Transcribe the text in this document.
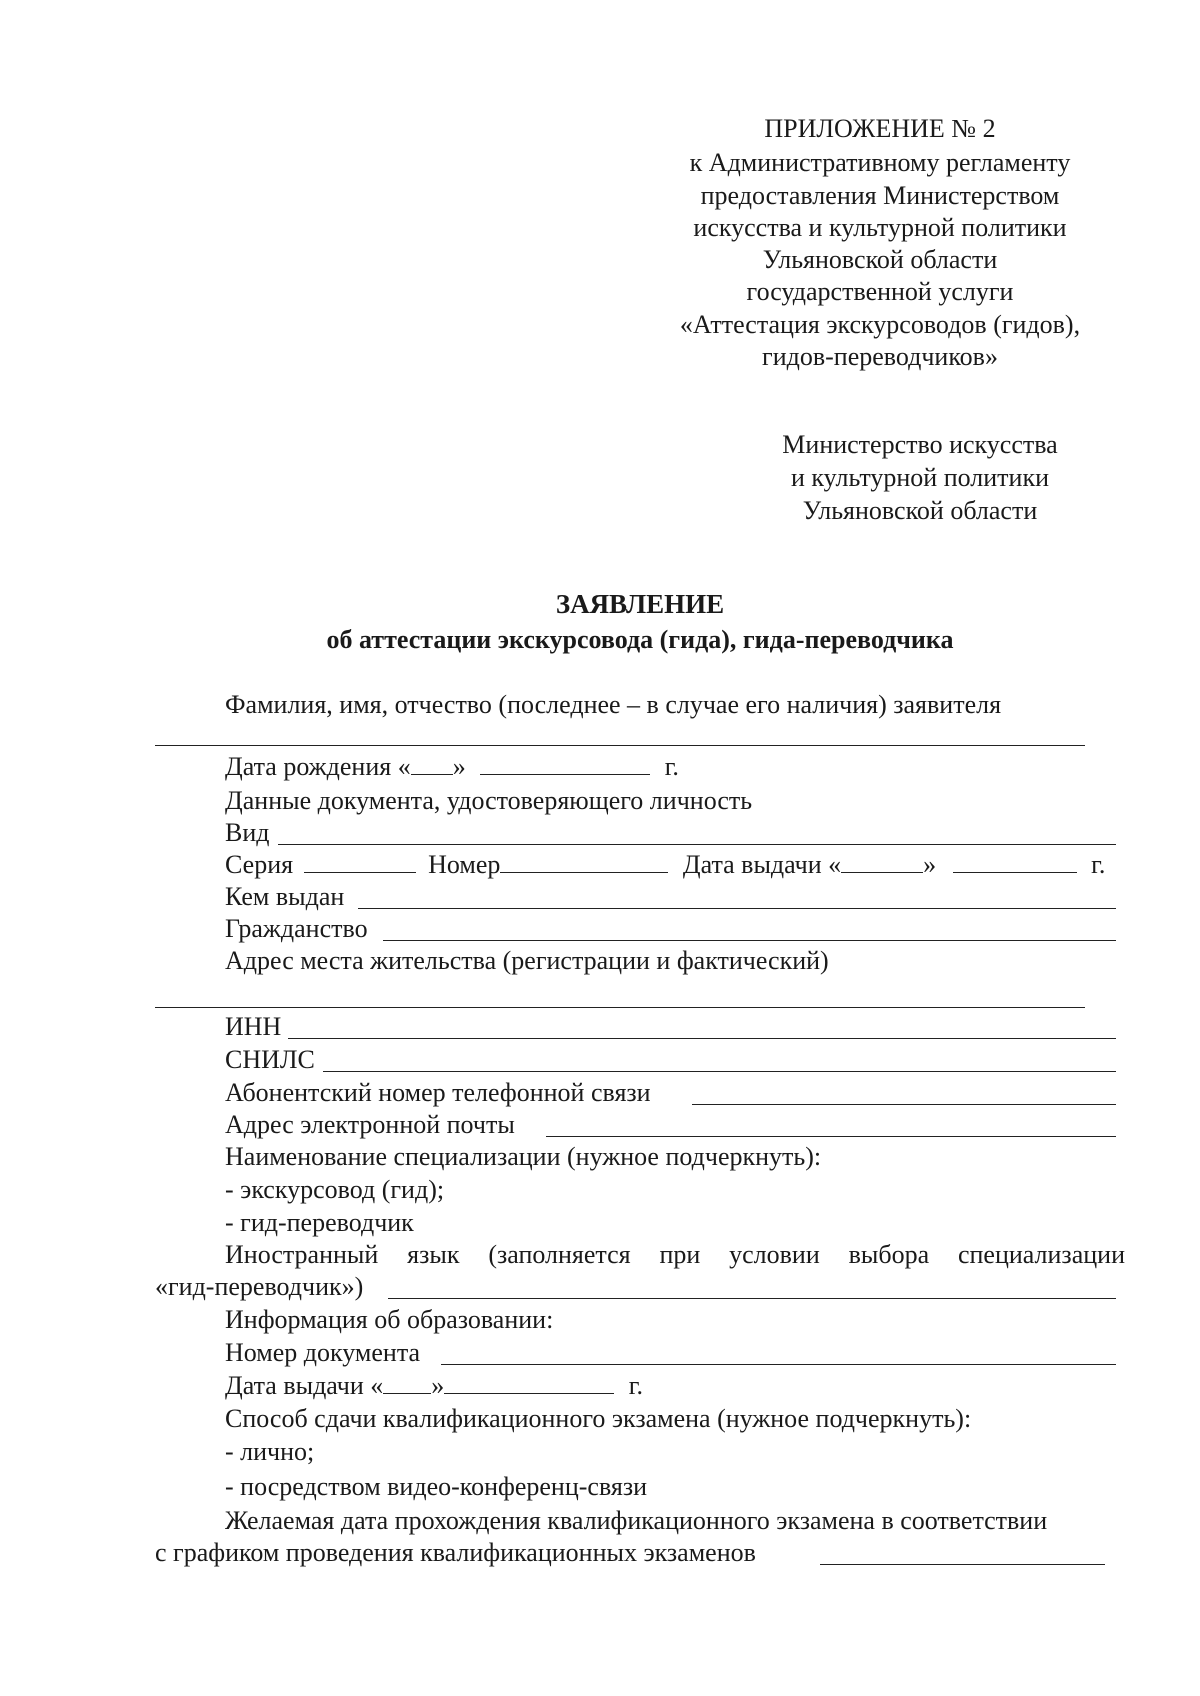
ПРИЛОЖЕНИЕ № 2
к Административному регламенту
предоставления Министерством
искусства и культурной политики
Ульяновской области
государственной услуги
«Аттестация экскурсоводов (гидов),
гидов-переводчиков»
Министерство искусства
и культурной политики
Ульяновской области
ЗАЯВЛЕНИЕ
об аттестации экскурсовода (гида), гида-переводчика
Фамилия, имя, отчество (последнее – в случае его наличия) заявителя
Дата рождения « »	г.
Данные документа, удостоверяющего личность
Вид
Серия	Номер	Дата выдачи «	»	г.
Кем выдан
Гражданство
Адрес места жительства (регистрации и фактический)
ИНН
СНИЛС
Абонентский номер телефонной связи
Адрес электронной почты
Наименование специализации (нужное подчеркнуть):
- экскурсовод (гид);
- гид-переводчик
Иностранный язык (заполняется при условии выбора специализации
«гид-переводчик»)
Информация об образовании:
Номер документа
Дата выдачи « »	г.
Способ сдачи квалификационного экзамена (нужное подчеркнуть):
- лично;
- посредством видео-конференц-связи
Желаемая дата прохождения квалификационного экзамена в соответствии
с графиком проведения квалификационных экзаменов
